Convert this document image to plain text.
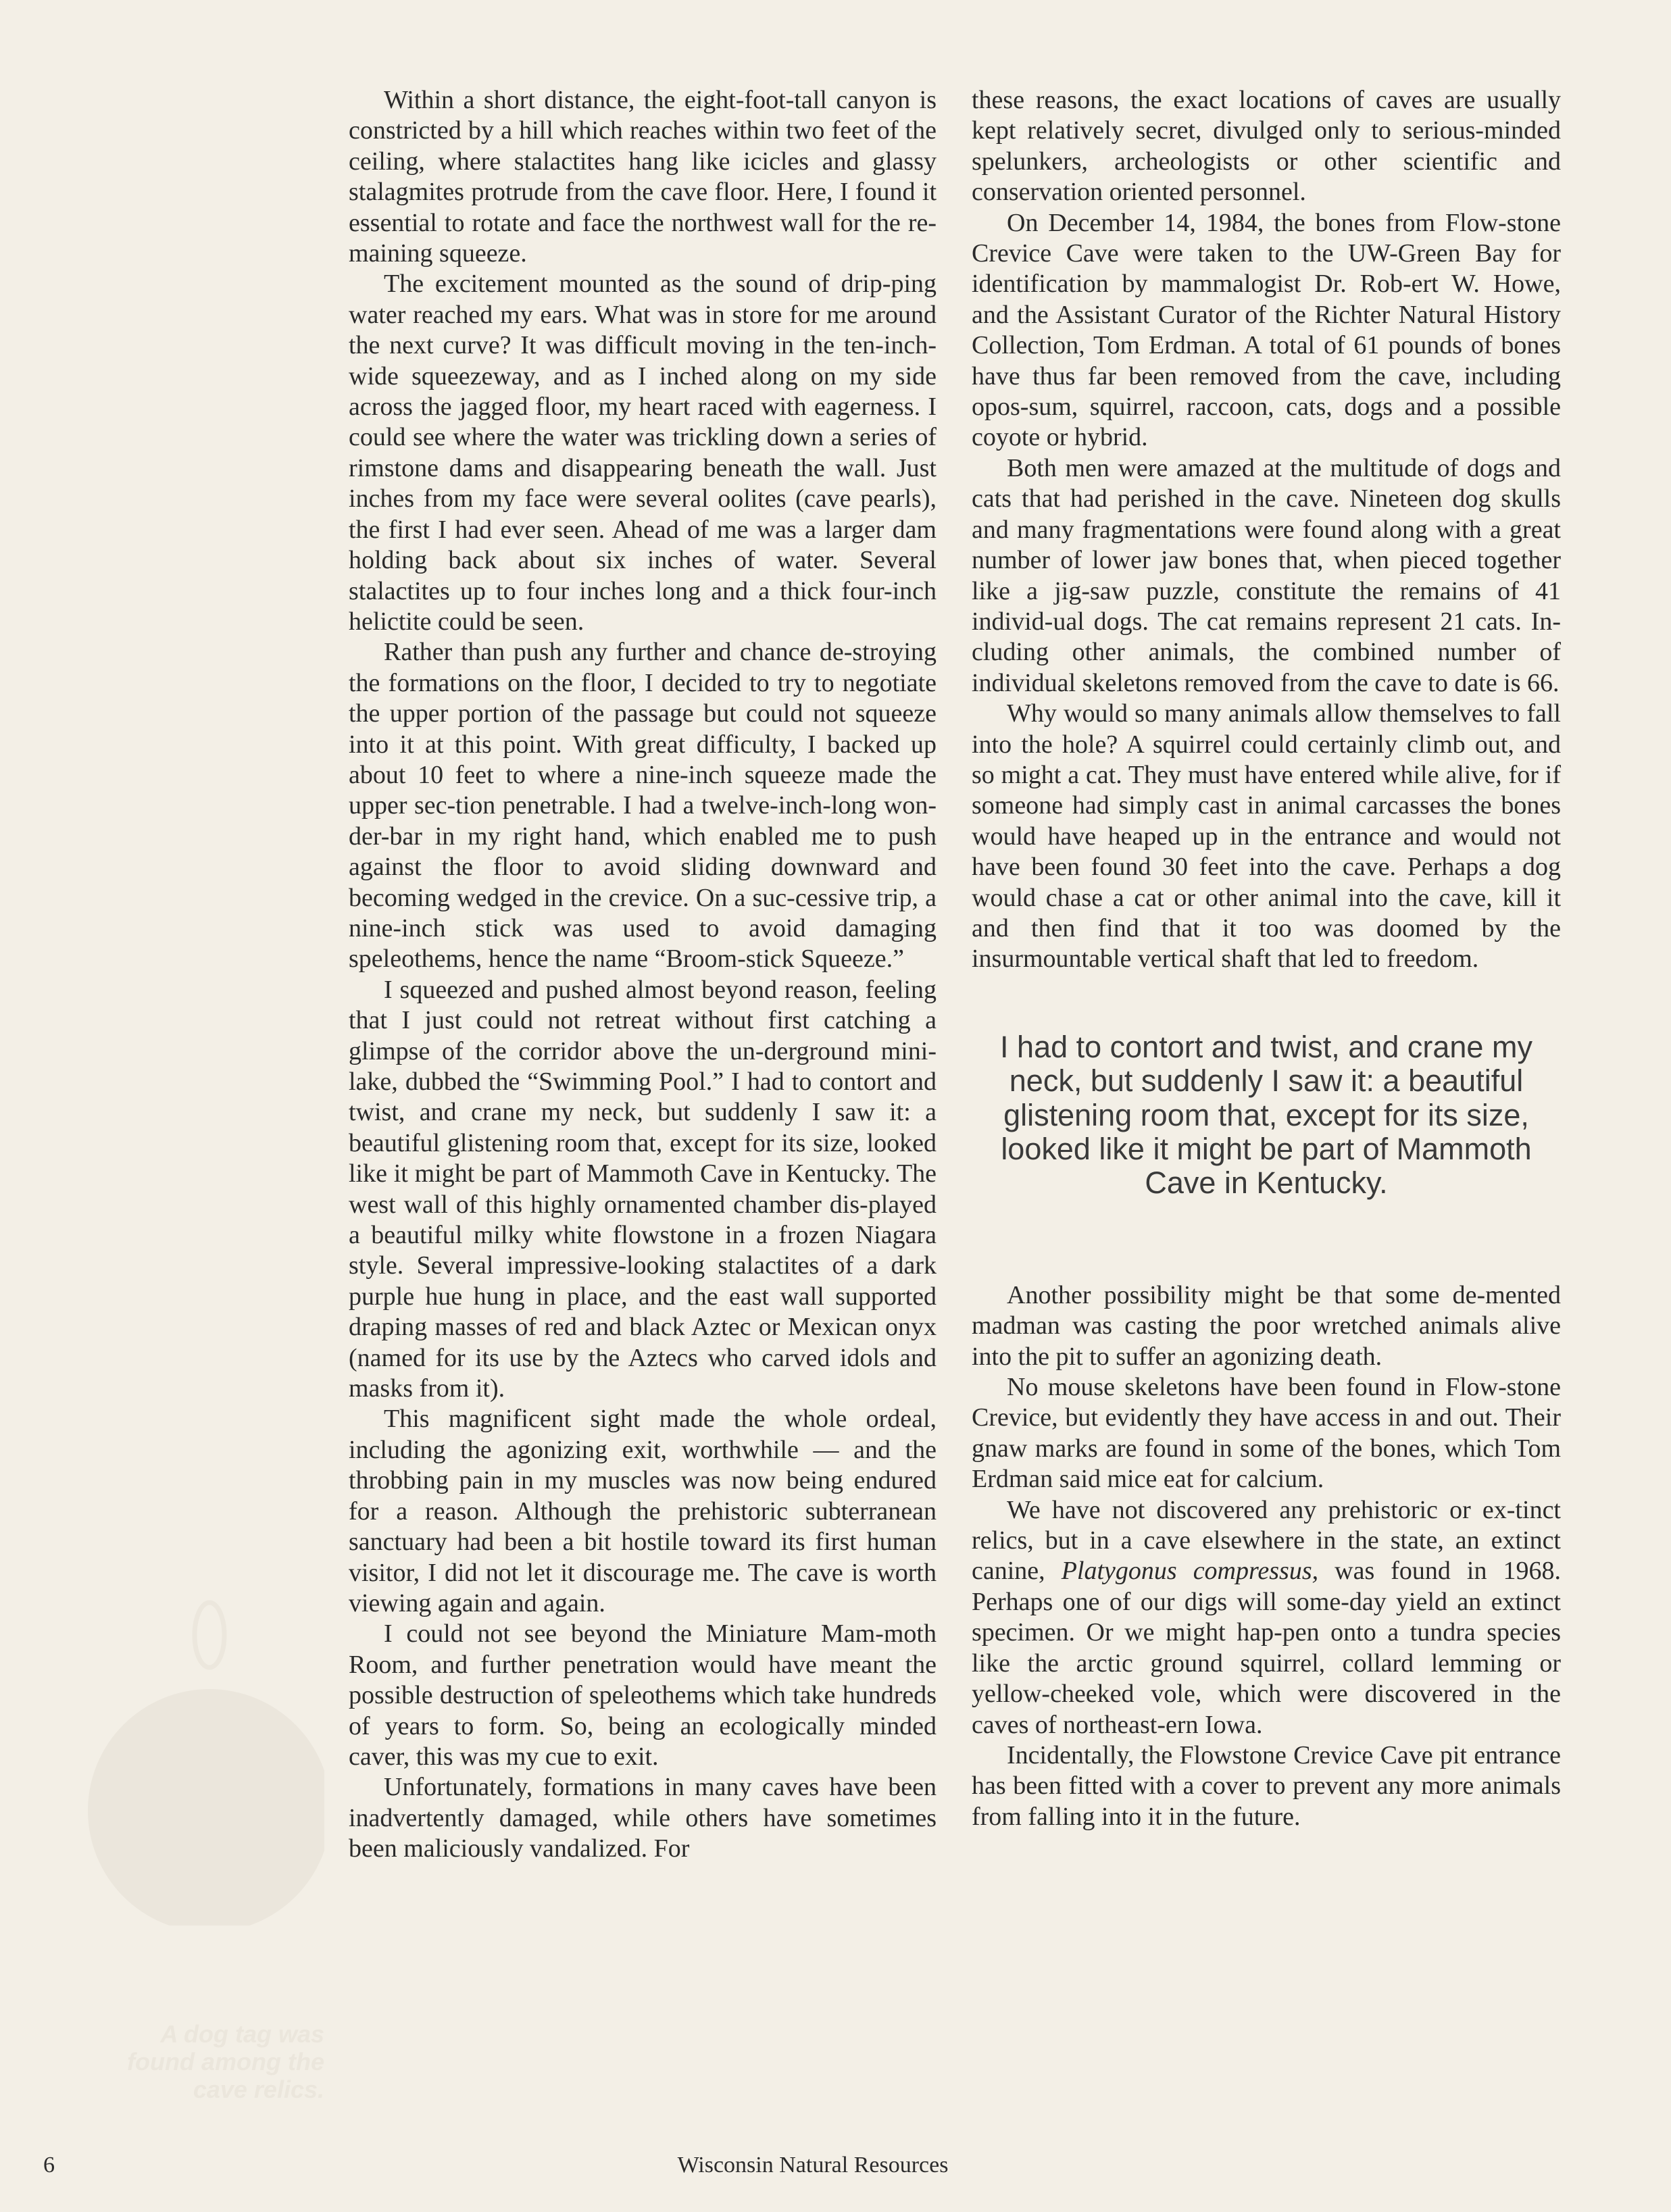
A dog tag was found among the cave relics.

Within a short distance, the eight-foot-tall canyon is constricted by a hill which reaches within two feet of the ceiling, where stalactites hang like icicles and glassy stalagmites protrude from the cave floor. Here, I found it essential to rotate and face the northwest wall for the re-maining squeeze.

The excitement mounted as the sound of drip-ping water reached my ears. What was in store for me around the next curve? It was difficult moving in the ten-inch-wide squeezeway, and as I inched along on my side across the jagged floor, my heart raced with eagerness. I could see where the water was trickling down a series of rimstone dams and disappearing beneath the wall. Just inches from my face were several oolites (cave pearls), the first I had ever seen. Ahead of me was a larger dam holding back about six inches of water. Several stalactites up to four inches long and a thick four-inch helictite could be seen.

Rather than push any further and chance de-stroying the formations on the floor, I decided to try to negotiate the upper portion of the passage but could not squeeze into it at this point. With great difficulty, I backed up about 10 feet to where a nine-inch squeeze made the upper sec-tion penetrable. I had a twelve-inch-long won-der-bar in my right hand, which enabled me to push against the floor to avoid sliding downward and becoming wedged in the crevice. On a suc-cessive trip, a nine-inch stick was used to avoid damaging speleothems, hence the name “Broom-stick Squeeze.”

I squeezed and pushed almost beyond reason, feeling that I just could not retreat without first catching a glimpse of the corridor above the un-derground mini-lake, dubbed the “Swimming Pool.” I had to contort and twist, and crane my neck, but suddenly I saw it: a beautiful glistening room that, except for its size, looked like it might be part of Mammoth Cave in Kentucky. The west wall of this highly ornamented chamber dis-played a beautiful milky white flowstone in a frozen Niagara style. Several impressive-looking stalactites of a dark purple hue hung in place, and the east wall supported draping masses of red and black Aztec or Mexican onyx (named for its use by the Aztecs who carved idols and masks from it).

This magnificent sight made the whole ordeal, including the agonizing exit, worthwhile — and the throbbing pain in my muscles was now being endured for a reason. Although the prehistoric subterranean sanctuary had been a bit hostile toward its first human visitor, I did not let it discourage me. The cave is worth viewing again and again.

I could not see beyond the Miniature Mam-moth Room, and further penetration would have meant the possible destruction of speleothems which take hundreds of years to form. So, being an ecologically minded caver, this was my cue to exit.

Unfortunately, formations in many caves have been inadvertently damaged, while others have sometimes been maliciously vandalized. For

these reasons, the exact locations of caves are usually kept relatively secret, divulged only to serious-minded spelunkers, archeologists or other scientific and conservation oriented personnel.

On December 14, 1984, the bones from Flow-stone Crevice Cave were taken to the UW-Green Bay for identification by mammalogist Dr. Rob-ert W. Howe, and the Assistant Curator of the Richter Natural History Collection, Tom Erdman. A total of 61 pounds of bones have thus far been removed from the cave, including opos-sum, squirrel, raccoon, cats, dogs and a possible coyote or hybrid.

Both men were amazed at the multitude of dogs and cats that had perished in the cave. Nineteen dog skulls and many fragmentations were found along with a great number of lower jaw bones that, when pieced together like a jig-saw puzzle, constitute the remains of 41 individ-ual dogs. The cat remains represent 21 cats. In-cluding other animals, the combined number of individual skeletons removed from the cave to date is 66.

Why would so many animals allow themselves to fall into the hole? A squirrel could certainly climb out, and so might a cat. They must have entered while alive, for if someone had simply cast in animal carcasses the bones would have heaped up in the entrance and would not have been found 30 feet into the cave. Perhaps a dog would chase a cat or other animal into the cave, kill it and then find that it too was doomed by the insurmountable vertical shaft that led to freedom.

I had to contort and twist, and crane my neck, but suddenly I saw it: a beautiful glistening room that, except for its size, looked like it might be part of Mammoth Cave in Kentucky.

Another possibility might be that some de-mented madman was casting the poor wretched animals alive into the pit to suffer an agonizing death.

No mouse skeletons have been found in Flow-stone Crevice, but evidently they have access in and out. Their gnaw marks are found in some of the bones, which Tom Erdman said mice eat for calcium.

We have not discovered any prehistoric or ex-tinct relics, but in a cave elsewhere in the state, an extinct canine, Platygonus compressus, was found in 1968. Perhaps one of our digs will some-day yield an extinct specimen. Or we might hap-pen onto a tundra species like the arctic ground squirrel, collard lemming or yellow-cheeked vole, which were discovered in the caves of northeast-ern Iowa.

Incidentally, the Flowstone Crevice Cave pit entrance has been fitted with a cover to prevent any more animals from falling into it in the future.

6	Wisconsin Natural Resources
